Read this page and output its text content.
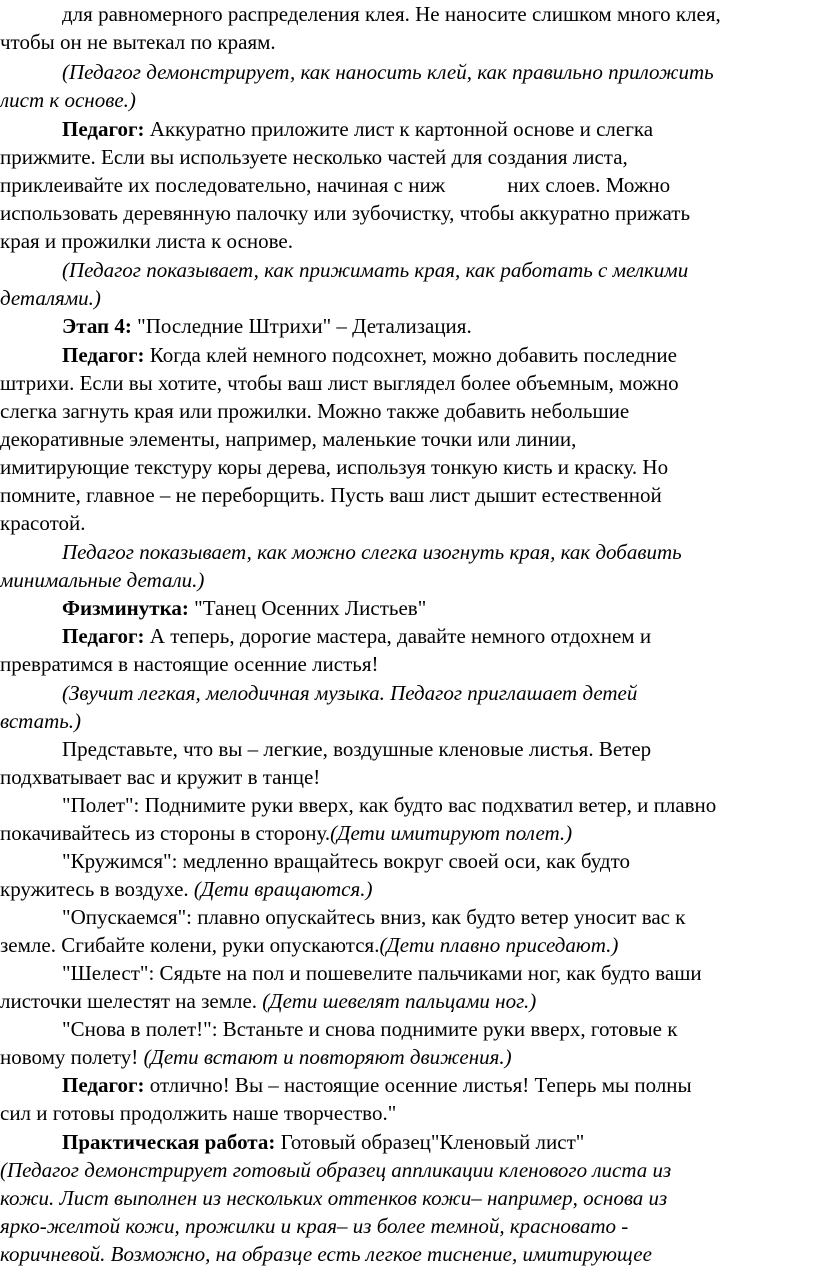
для равномерного распределения клея. Не наносите слишком много клея,
чтобы он не вытекал по краям.
(Педагог демонстрирует, как наносить клей, как правильно приложить
лист к основе.)
Педагог: Аккуратно приложите лист к картонной основе и слегка
прижмите. Если вы используете несколько частей для создания листа,
приклеивайте их последовательно, начиная с ниж	них слоев. Можно
использовать деревянную палочку или зубочистку, чтобы аккуратно прижать
края и прожилки листа к основе.
(Педагог показывает, как прижимать края, как работать с мелкими
деталями.)
Этап 4: "Последние Штрихи" – Детализация.
Педагог: Когда клей немного подсохнет, можно добавить последние
штрихи. Если вы хотите, чтобы ваш лист выглядел более объемным, можно
слегка загнуть края или прожилки. Можно также добавить небольшие
декоративные элементы, например, маленькие точки или линии,
имитирующие текстуру коры дерева, используя тонкую кисть и краску. Но
помните, главное – не переборщить. Пусть ваш лист дышит естественной
красотой.
Педагог показывает, как можно слегка изогнуть края, как добавить
минимальные детали.)
Физминутка: "Танец Осенних Листьев"
Педагог: А теперь, дорогие мастера, давайте немного отдохнем и
превратимся в настоящие осенние листья!
(Звучит легкая, мелодичная музыка. Педагог приглашает детей
встать.)
Представьте, что вы – легкие, воздушные кленовые листья. Ветер
подхватывает вас и кружит в танце!
"Полет": Поднимите руки вверх, как будто вас подхватил ветер, и плавно
покачивайтесь из стороны в сторону.(Дети имитируют полет.)
"Кружимся": медленно вращайтесь вокруг своей оси, как будто
кружитесь в воздухе. (Дети вращаются.)
"Опускаемся": плавно опускайтесь вниз, как будто ветер уносит вас к
земле. Сгибайте колени, руки опускаются.(Дети плавно приседают.)
"Шелест": Сядьте на пол и пошевелите пальчиками ног, как будто ваши
листочки шелестят на земле. (Дети шевелят пальцами ног.)
"Снова в полет!": Встаньте и снова поднимите руки вверх, готовые к
новому полету! (Дети встают и повторяют движения.)
Педагог: отлично! Вы – настоящие осенние листья! Теперь мы полны
сил и готовы продолжить наше творчество."
Практическая работа: Готовый образец"Кленовый лист"
(Педагог демонстрирует готовый образец аппликации кленового листа из
кожи. Лист выполнен из нескольких оттенков кожи– например, основа из
ярко-желтой кожи, прожилки и края– из более темной, красновато -
коричневой. Возможно, на образце есть легкое тиснение, имитирующее
